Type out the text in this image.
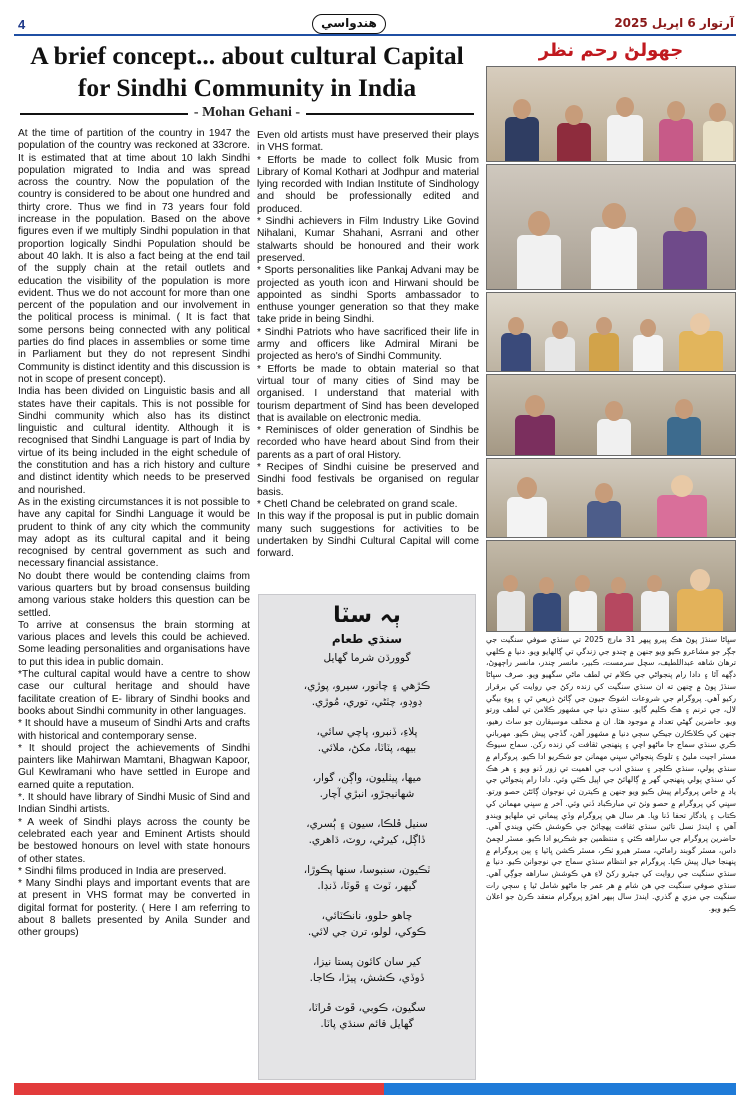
4	هندواسي	آرتوار 6 اپريل 2025
A brief concept... about cultural Capital
for Sindhi Community in India
- Mohan Gehani -

At the time of partition of the country in 1947 the population of the country was reckoned at 33crore. It is estimated that at time about 10 lakh Sindhi population migrated to India and was spread across the country. Now the population of the country is considered to be about one hundred and thirty crore. Thus we find in 73 years four fold increase in the population. Based on the above figures even if we multiply Sindhi population in that proportion logically Sindhi Population should be about 40 lakh. It is also a fact being at the end tail of the supply chain at the retail outlets and education the visibility of the population is more evident. Thus we do not account for more than one percent of the population and our involvement in the political process is minimal. ( It is fact that some persons being connected with any political parties do find places in assemblies or some time in Parliament but they do not represent Sindhi Community is distinct identity and this discussion is not in scope of present concept).

India has been divided on Linguistic basis and all states have their capitals. This is not possible for Sindhi community which also has its distinct linguistic and cultural identity. Although it is recognised that Sindhi Language is part of India by virtue of its being included in the eight schedule of the constitution and has a rich history and culture and distinct identity which needs to be preserved and nourished.

As in the existing circumstances it is not possible to have any capital for Sindhi Language it would be prudent to think of any city which the community may adopt as its cultural capital and it being recognised by central government as such and necessary financial assistance.

No doubt there would be contending claims from various quarters but by broad consensus building among various stake holders this question can be settled.

To arrive at consensus the brain storming at various places and levels this could be achieved. Some leading personalities and organisations have to put this idea in public domain.

*The cultural capital would have a centre to show case our cultural heritage and should have facilitate creation of E- library of Sindhi books and books about Sindhi community in other languages.

* It should have a museum of Sindhi Arts and crafts with historical and contemporary sense.

* It should project the achievements of Sindhi painters like Mahirwan Mamtani, Bhagwan Kapoor, Gul Kewlramani who have settled in Europe and earned quite a reputation.

*. It should have library of Sindhi Music of Sind and Indian Sindhi artists.

* A week of Sindhi plays across the county be celebrated each year and Eminent Artists should be bestowed honours on level with state honours of other states.

* Sindhi films produced in India are preserved.

* Many Sindhi plays and important events that are at present in VHS format may be converted in digital format for posterity. ( Here I am referring to about 8 ballets presented by Anila Sunder and other groups)

Even old artists must have preserved their plays in VHS format.

* Efforts be made to collect folk Music from Library of Komal Kothari at Jodhpur and material lying recorded with Indian Institute of Sindhology and should be professionally edited and produced.

* Sindhi achievers in Film Industry Like Govind Nihalani, Kumar Shahani, Asrrani and other stalwarts should be honoured and their work preserved.

* Sports personalities like Pankaj Advani may be projected as youth icon and Hirwani should be appointed as sindhi Sports ambassador to enthuse younger generation so that they make take pride in being Sindhi.

* Sindhi Patriots who have sacrificed their life in army and officers like Admiral Mirani be projected as hero's of Sindhi Community.

* Efforts be made to obtain material so that virtual tour of many cities of Sind may be organised. I understand that material with tourism department of Sind has been developed that is available on electronic media.

* Reminisces of older generation of Sindhis be recorded who have heard about Sind from their parents as a part of oral History.

* Recipes of Sindhi cuisine be preserved and Sindhi food festivals be organised on regular basis.

* Chetl Chand be celebrated on grand scale.

In this way if the proposal is put in public domain many such suggestions for activities to be undertaken by Sindhi Cultural Capital will come forward.

ٻہ سٽا
سنڌي طعام
گوورڌن شرما گھايل
ڪڙهي ۽ چانور، سيرو، پوڙي،
ڊوڊو، چٽڻي، توري، مُوڙي.
پلاءِ، ڏنبرو، پاچي سائي،
بيهه، پٽاٽا، مکڻ، ملائي.
ميها، پيٺليون، واڳن، گوار،
شهانيجڙو، انبڙي آچار.
سنيل ڦلڪا، سيون ۽ ٻُسري،
ڏاڳل، کيرڻي، روٽ، ڌاهري.
ٽڪيون، سنبوسا، سنها پڪوڙا،
گيهر، ٽوٽ ۽ ڦوٽا، ڏنڊا.
چاهو حلوو، نانڪٽائي،
ڪوکي، لولو، ترن جي لائي.
کير سان کائون پستا نيزا،
ڏوڏي، ڪشش، پيڙا، ڪاجا.
سگيون، ڪوبي، ڦوٽ ڦراٽا،
گھايل قائم سنڌي پاٽا.
جهولڻ رحم نظر
سڀاڻا سنڌڙ پوڻ هڪ پيرو پيهر 31 مارچ 2025 تي سنڌي صوفي سنگيت جي جڳر جو مشاعرو ڪيو ويو جنهن ۾ چندو جي زندگي تي ڳالهايو ويو. دنيا ۾ ڪلهي ترهان شاهه عبداللطيف، سچل سرمست، ڪبير، مانسر چندر، مانسر راڄهوڻ، دڳهه آٿا ۽ دادا رام پنجواڻي جي ڪلام تي لطف ماڻي سگهيو ويو. صرف سڀاڻا سنڌڙ پوڻ ۾ ڇنهن ته ان سنڌي سنگيت کي زنده رکڻ جي روايت کي برقرار رکيو آهي. پروگرام جي شروعات اشوڪ جيون جي ڳائڻ ذريعي ٿي ۽ پوءِ بيگي لال، جي ترنم ۽ هڪ ڪليم گايو. سنڌي دنيا جي مشهور ڪلامن تي لطف ورتو ويو. حاضرين گهڻي تعداد ۾ موجود هئا. ان ۾ مختلف موسيقارن جو ساٿ رهيو، جنهن کي ڪلاڪارن جيڪي سڄي دنيا ۾ مشهور آهن، گڏجي پيش ڪيو. مهرباني ڪري سنڌي سماج جا ماڻهو اچي ۽ پنهنجي ثقافت کي زنده رکن. سماج سيوڪ مسٽر اجيت مليڻ ۽ تلوڪ پنجواڻي سڀني مهمانن جو شڪريو ادا ڪيو. پروگرام ۾ سنڌي ٻولي، سنڌي ڪلچر ۽ سنڌي ادب جي اهميت تي زور ڏنو ويو ۽ هر هڪ کي سنڌي ٻولي پنهنجي گهر ۾ ڳالهائڻ جي اپيل ڪئي وئي. دادا رام پنجواڻي جي ياد ۾ خاص پروگرام پيش ڪيو ويو جنهن ۾ ڪيترن ئي نوجوان ڳائڻن حصو ورتو. سڀني کي پروگرام ۾ حصو وٺڻ تي مبارڪباد ڏني وئي. آخر ۾ سڀني مهمانن کي ڪتاب ۽ يادگار تحفا ڏنا ويا. هر سال هي پروگرام وڏي پيماني تي ملهايو ويندو آهي ۽ ايندڙ نسل تائين سنڌي ثقافت پهچائڻ جي ڪوشش ڪئي ويندي آهي. حاضرين پروگرام جي ساراهه ڪئي ۽ منتظمين جو شڪريو ادا ڪيو. مسٽر لڇمڻ داس، مسٽر گوبند راماڻي، مسٽر هيرو ٺڪر، مسٽر ڪشن ڀاٽيا ۽ ٻين پروگرام ۾ پنهنجا خيال پيش ڪيا. پروگرام جو انتظام سنڌي سماج جي نوجوانن ڪيو. دنيا ۾ سنڌي سنگيت جي روايت کي جيئرو رکڻ لاءِ هي ڪوشش ساراهه جوڳي آهي. سنڌي صوفي سنگيت جي هن شام ۾ هر عمر جا ماڻهو شامل ٿيا ۽ سڄي رات سنگيت جي مزي ۾ گذري. ايندڙ سال ٻيهر اهڙو پروگرام منعقد ڪرڻ جو اعلان ڪيو ويو.
